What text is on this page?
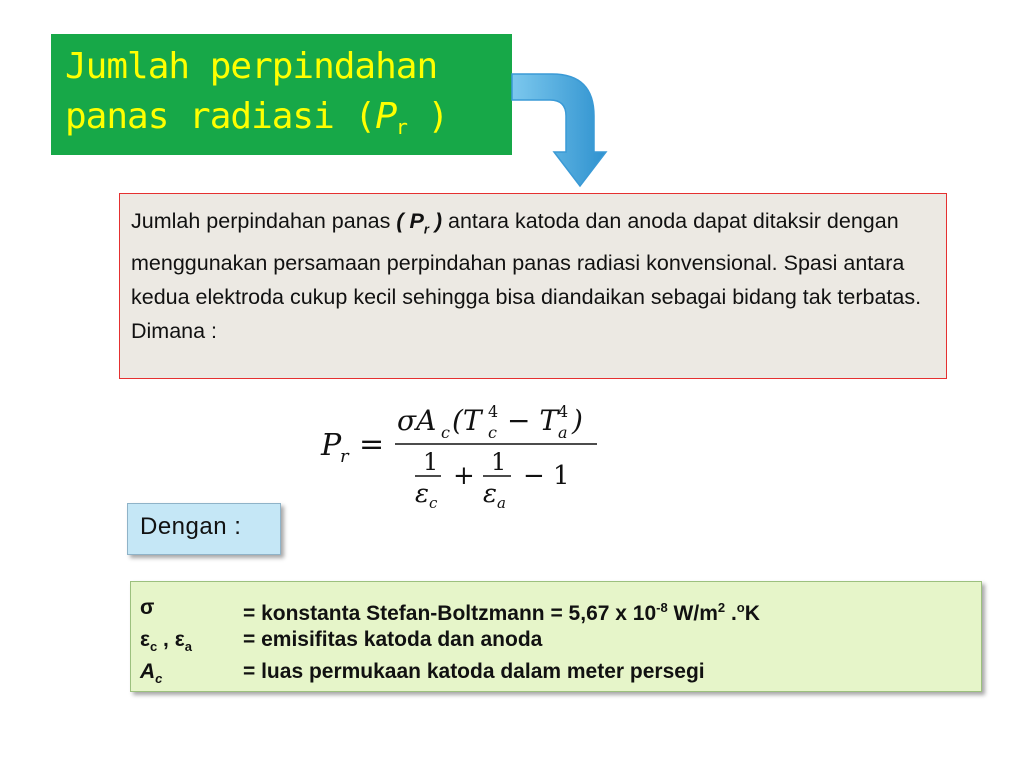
Jumlah perpindahan
panas radiasi ($P_r$ )
Jumlah perpindahan panas ( $P_r$ ) antara katoda dan anoda dapat ditaksir dengan menggunakan persamaan perpindahan panas radiasi konvensional. Spasi antara kedua elektroda cukup kecil sehingga bisa diandaikan sebagai bidang tak terbatas. Dimana :
P
r =
σA c (T c
4 − T a
4 )
1
ε c
+ 1
ε a
− 1
Dengan :
σ	= konstanta Stefan-Boltzmann = 5,67 x $10^{-8}$ $W/m^2$ .$^o$K
$\varepsilon_c$ , $\varepsilon_a$	= emisifitas katoda dan anoda
$A_c$	= luas permukaan katoda dalam meter persegi
